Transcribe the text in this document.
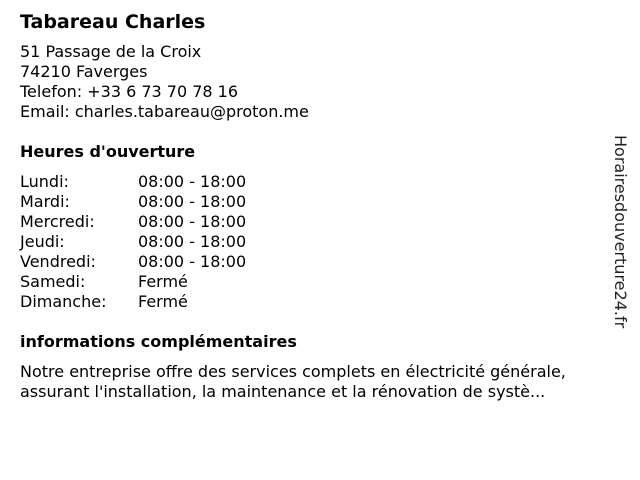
Tabareau Charles
51 Passage de la Croix
74210 Faverges
Telefon: +33 6 73 70 78 16
Email: charles.tabareau@proton.me
Heures d'ouverture
Lundi:	08:00 - 18:00
Mardi:	08:00 - 18:00
Mercredi:	08:00 - 18:00
Jeudi:	08:00 - 18:00
Vendredi:	08:00 - 18:00
Samedi:	Fermé
Dimanche:	Fermé
informations complémentaires

Notre entreprise offre des services complets en électricité générale, assurant l'installation, la maintenance et la rénovation de systè...

Horairesdouverture24.fr
